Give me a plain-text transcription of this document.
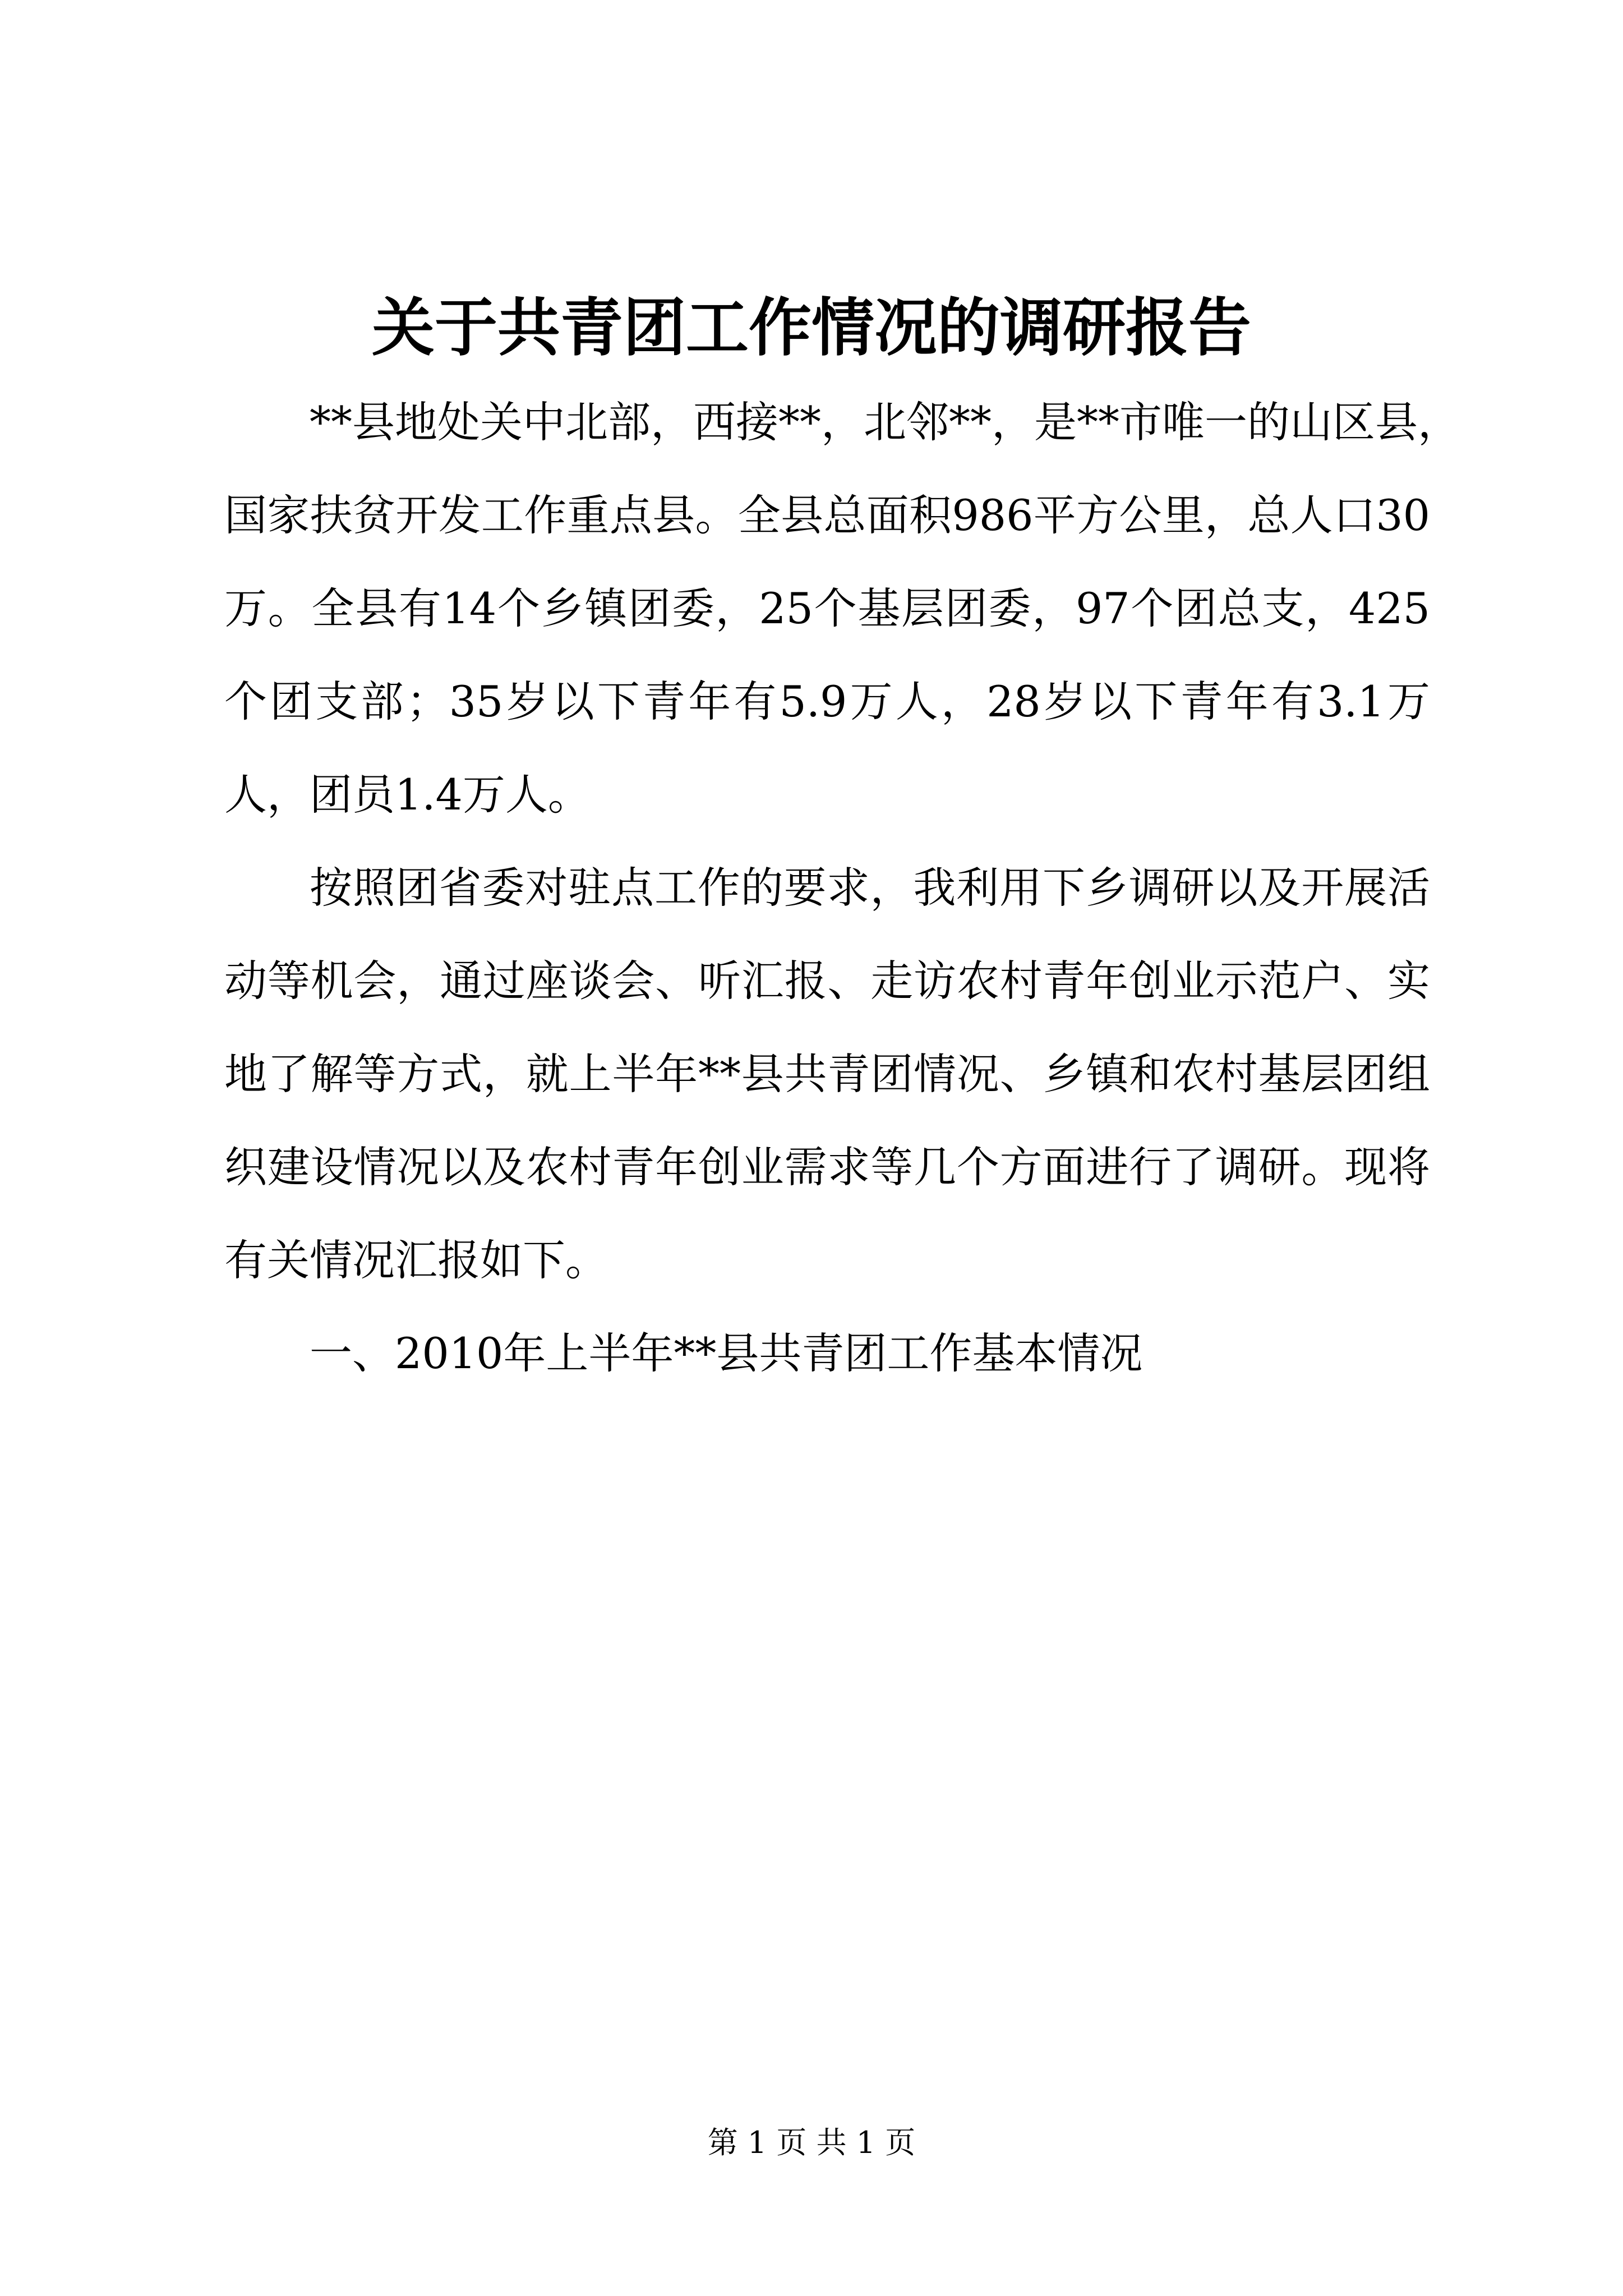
关于共青团工作情况的调研报告
**县地处关中北部，西接**，北邻**，是**市唯一的山区县，
国家扶贫开发工作重点县。全县总面积986平方公里，总人口30
万。全县有14个乡镇团委，25个基层团委，97个团总支，425
个团支部；35岁以下青年有5.9万人，28岁以下青年有3.1万
人，团员1.4万人。
按照团省委对驻点工作的要求，我利用下乡调研以及开展活
动等机会，通过座谈会、听汇报、走访农村青年创业示范户、实
地了解等方式，就上半年**县共青团情况、乡镇和农村基层团组
织建设情况以及农村青年创业需求等几个方面进行了调研。现将
有关情况汇报如下。
一、2010年上半年**县共青团工作基本情况
第 1 页 共 1 页
